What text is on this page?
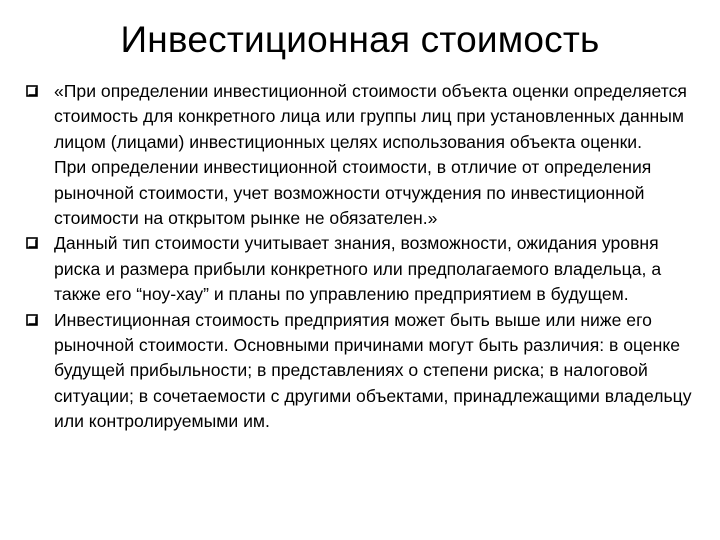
Инвестиционная стоимость
«При определении инвестиционной стоимости объекта оценки определяется стоимость для конкретного лица или группы лиц при установленных данным лицом (лицами) инвестиционных целях использования объекта оценки.
При определении инвестиционной стоимости, в отличие от определения рыночной стоимости, учет возможности отчуждения по инвестиционной стоимости на открытом рынке не обязателен.»
Данный тип стоимости учитывает знания, возможности, ожидания уровня риска и размера прибыли конкретного или предполагаемого владельца, а также его “ноу-хау” и планы по управлению предприятием в будущем.
Инвестиционная стоимость предприятия может быть выше или ниже его рыночной стоимости. Основными причинами могут быть различия: в оценке будущей прибыльности; в представлениях о степени риска; в налоговой ситуации; в сочетаемости с другими объектами, принадлежащими владельцу или контролируемыми им.
